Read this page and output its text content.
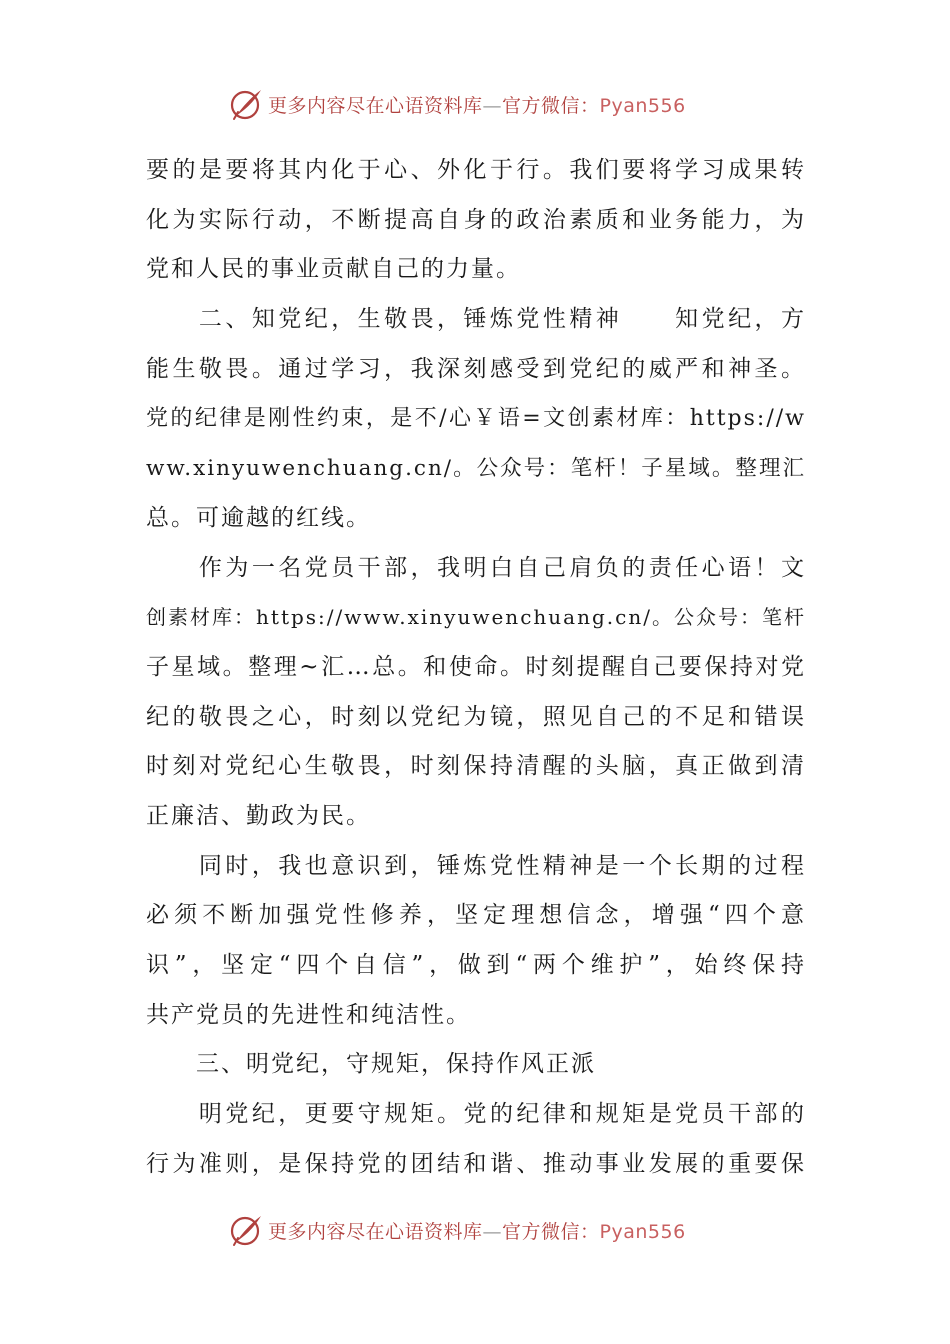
更多内容尽在心语资料库—官方微信：Pyan556
要的是要将其内化于心、外化于行。我们要将学习成果转
化为实际行动，不断提高自身的政治素质和业务能力，为
党和人民的事业贡献自己的力量。
　　二、知党纪，生敬畏，锤炼党性精神　　知党纪，方
能生敬畏。通过学习，我深刻感受到党纪的威严和神圣。
党的纪律是刚性约束，是不/心￥语=文创素材库：https://w
ww.xinyuwenchuang.cn/。公众号：笔杆！子星域。整理汇
总。可逾越的红线。
　　作为一名党员干部，我明白自己肩负的责任心语！文
创素材库：https://www.xinyuwenchuang.cn/。公众号：笔杆
子星域。整理~汇…总。和使命。时刻提醒自己要保持对党
纪的敬畏之心，时刻以党纪为镜，照见自己的不足和错误
时刻对党纪心生敬畏，时刻保持清醒的头脑，真正做到清
正廉洁、勤政为民。
　　同时，我也意识到，锤炼党性精神是一个长期的过程
必须不断加强党性修养，坚定理想信念，增强“四个意
识”，坚定“四个自信”，做到“两个维护”，始终保持
共产党员的先进性和纯洁性。
　　三、明党纪，守规矩，保持作风正派
　　明党纪，更要守规矩。党的纪律和规矩是党员干部的
行为准则，是保持党的团结和谐、推动事业发展的重要保
更多内容尽在心语资料库—官方微信：Pyan556
